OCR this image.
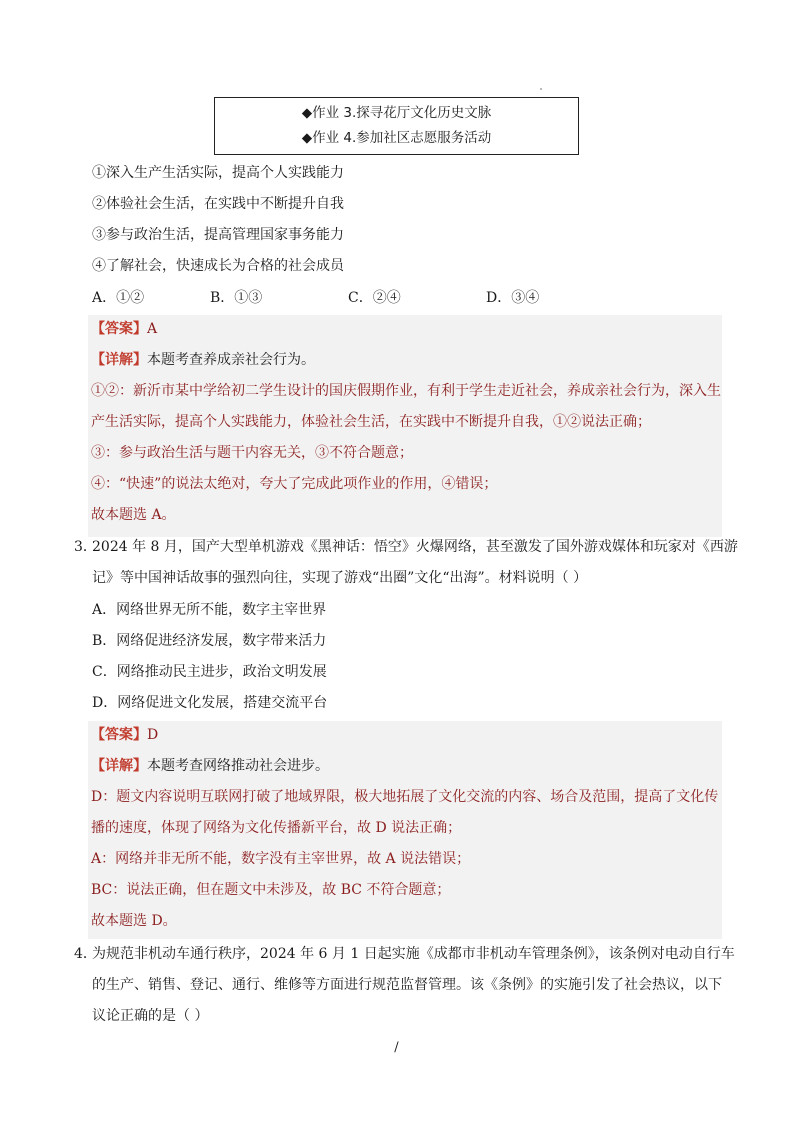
◆作业 3.探寻花厅文化历史文脉
◆作业 4.参加社区志愿服务活动
①深入生产生活实际，提高个人实践能力
②体验社会生活，在实践中不断提升自我
③参与政治生活，提高管理国家事务能力
④了解社会，快速成长为合格的社会成员
A．①②	B．①③	C．②④	D．③④
【答案】A
【详解】本题考查养成亲社会行为。
①②：新沂市某中学给初二学生设计的国庆假期作业，有利于学生走近社会，养成亲社会行为，深入生
产生活实际，提高个人实践能力，体验社会生活，在实践中不断提升自我，①②说法正确；
③：参与政治生活与题干内容无关，③不符合题意；
④：“快速”的说法太绝对，夸大了完成此项作业的作用，④错误；
故本题选 A。
3．
2024 年 8 月，国产大型单机游戏《黑神话：悟空》火爆网络，甚至激发了国外游戏媒体和玩家对《西游
记》等中国神话故事的强烈向往，实现了游戏“出圈”文化“出海”。材料说明（ ）
A．网络世界无所不能，数字主宰世界
B．网络促进经济发展，数字带来活力
C．网络推动民主进步，政治文明发展
D．网络促进文化发展，搭建交流平台
【答案】D
【详解】本题考查网络推动社会进步。
D：题文内容说明互联网打破了地域界限，极大地拓展了文化交流的内容、场合及范围，提高了文化传
播的速度，体现了网络为文化传播新平台，故 D 说法正确；
A：网络并非无所不能，数字没有主宰世界，故 A 说法错误；
BC：说法正确，但在题文中未涉及，故 BC 不符合题意；
故本题选 D。
4．
为规范非机动车通行秩序，2024 年 6 月 1 日起实施《成都市非机动车管理条例》，该条例对电动自行车
的生产、销售、登记、通行、维修等方面进行规范监督管理。该《条例》的实施引发了社会热议，以下
议论正确的是（ ）
/
